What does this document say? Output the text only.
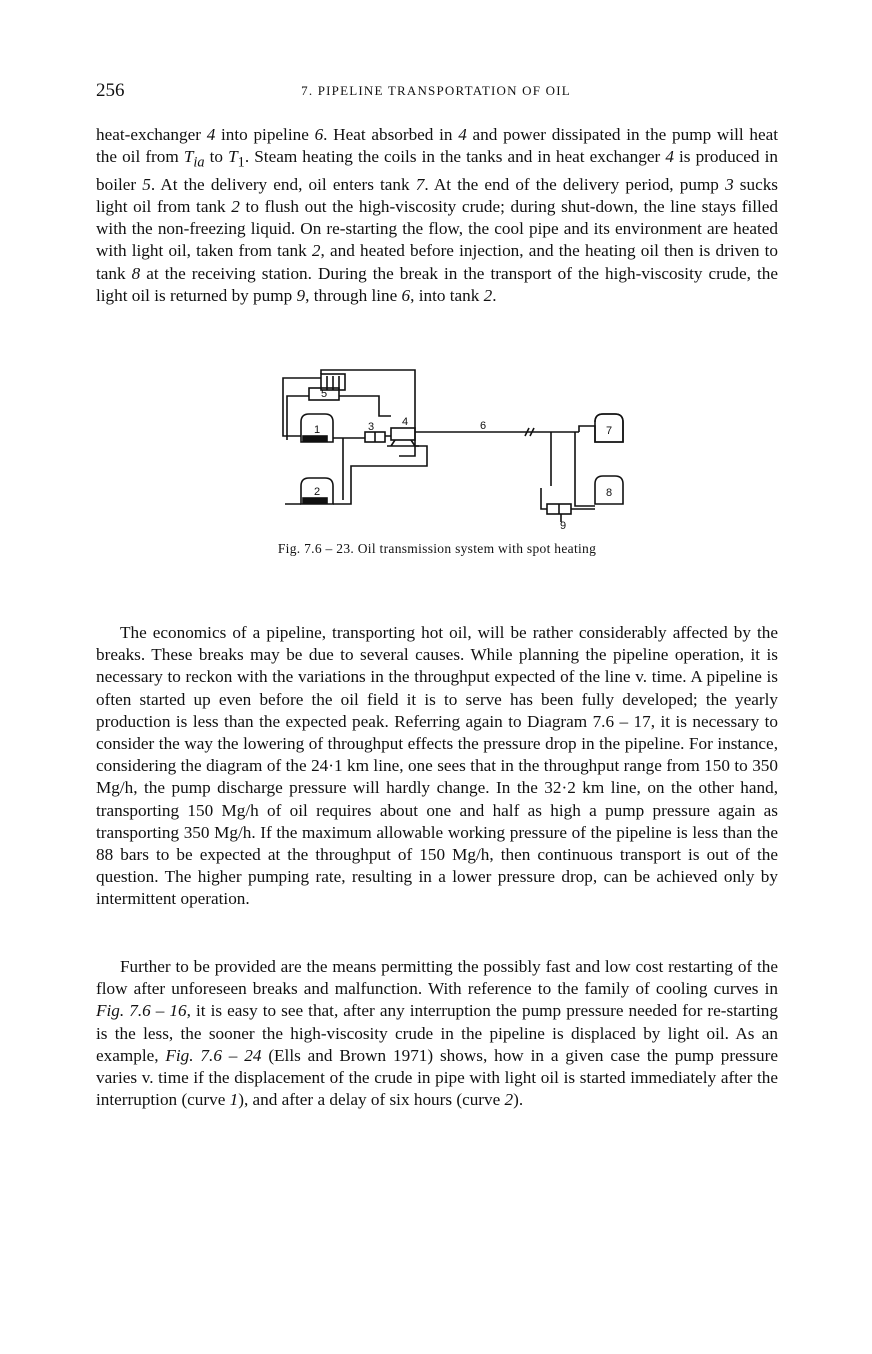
256	7. PIPELINE TRANSPORTATION OF OIL

heat-exchanger 4 into pipeline 6. Heat absorbed in 4 and power dissipated in the pump will heat the oil from $T_{ia}$ to $T_1$. Steam heating the coils in the tanks and in heat exchanger 4 is produced in boiler 5. At the delivery end, oil enters tank 7. At the end of the delivery period, pump 3 sucks light oil from tank 2 to flush out the high-viscosity crude; during shut-down, the line stays filled with the non-freezing liquid. On re-starting the flow, the cool pipe and its environment are heated with light oil, taken from tank 2, and heated before injection, and the heating oil then is driven to tank 8 at the receiving station. During the break in the transport of the high-viscosity crude, the light oil is returned by pump 9, through line 6, into tank 2.

5
1	3	4	6	7
2	8
9
Fig. 7.6 – 23. Oil transmission system with spot heating

The economics of a pipeline, transporting hot oil, will be rather considerably affected by the breaks. These breaks may be due to several causes. While planning the pipeline operation, it is necessary to reckon with the variations in the throughput expected of the line v. time. A pipeline is often started up even before the oil field it is to serve has been fully developed; the yearly production is less than the expected peak. Referring again to Diagram 7.6 – 17, it is necessary to consider the way the lowering of throughput effects the pressure drop in the pipeline. For instance, considering the diagram of the 24·1 km line, one sees that in the throughput range from 150 to 350 Mg/h, the pump discharge pressure will hardly change. In the 32·2 km line, on the other hand, transporting 150 Mg/h of oil requires about one and half as high a pump pressure again as transporting 350 Mg/h. If the maximum allowable working pressure of the pipeline is less than the 88 bars to be expected at the throughput of 150 Mg/h, then continuous transport is out of the question. The higher pumping rate, resulting in a lower pressure drop, can be achieved only by intermittent operation.

Further to be provided are the means permitting the possibly fast and low cost restarting of the flow after unforeseen breaks and malfunction. With reference to the family of cooling curves in Fig. 7.6 – 16, it is easy to see that, after any interruption the pump pressure needed for re-starting is the less, the sooner the high-viscosity crude in the pipeline is displaced by light oil. As an example, Fig. 7.6 – 24 (Ells and Brown 1971) shows, how in a given case the pump pressure varies v. time if the displacement of the crude in pipe with light oil is started immediately after the interruption (curve 1), and after a delay of six hours (curve 2).
